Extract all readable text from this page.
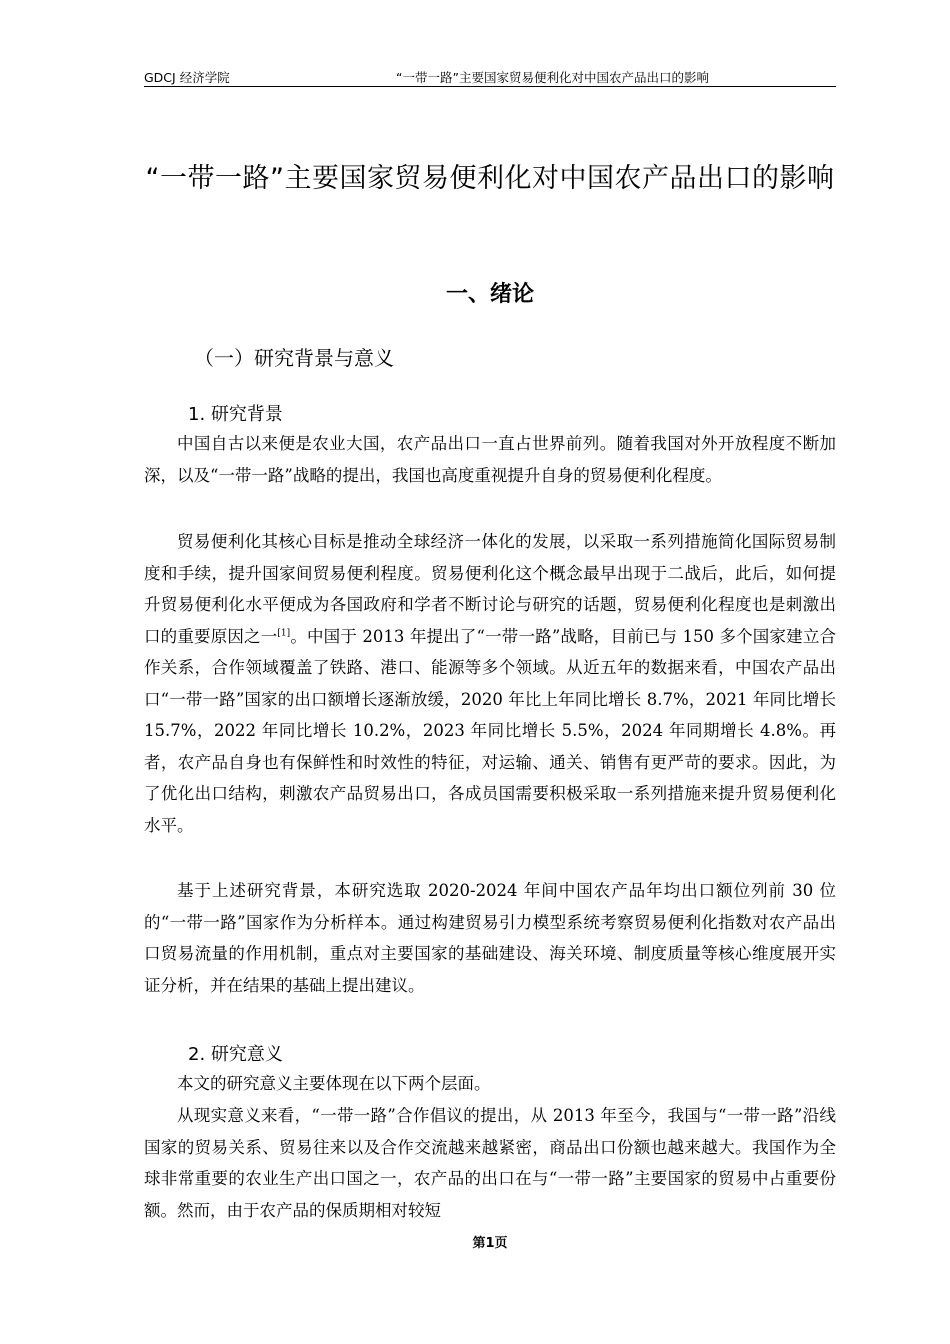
GDCJ 经济学院	“一带一路”主要国家贸易便利化对中国农产品出口的影响
“一带一路”主要国家贸易便利化对中国农产品出口的影响
一、绪论
（一）研究背景与意义
1. 研究背景
中国自古以来便是农业大国，农产品出口一直占世界前列。随着我国对外开放程度不断加深，以及“一带一路”战略的提出，我国也高度重视提升自身的贸易便利化程度。
贸易便利化其核心目标是推动全球经济一体化的发展，以采取一系列措施简化国际贸易制度和手续，提升国家间贸易便利程度。贸易便利化这个概念最早出现于二战后，此后，如何提升贸易便利化水平便成为各国政府和学者不断讨论与研究的话题，贸易便利化程度也是刺激出口的重要原因之一[1]。中国于 2013 年提出了“一带一路”战略，目前已与 150 多个国家建立合作关系，合作领域覆盖了铁路、港口、能源等多个领域。从近五年的数据来看，中国农产品出口“一带一路”国家的出口额增长逐渐放缓，2020 年比上年同比增长 8.7%，2021 年同比增长 15.7%，2022 年同比增长 10.2%，2023 年同比增长 5.5%，2024 年同期增长 4.8%。再者，农产品自身也有保鲜性和时效性的特征，对运输、通关、销售有更严苛的要求。因此，为了优化出口结构，刺激农产品贸易出口，各成员国需要积极采取一系列措施来提升贸易便利化水平。
基于上述研究背景，本研究选取 2020-2024 年间中国农产品年均出口额位列前 30 位的“一带一路”国家作为分析样本。通过构建贸易引力模型系统考察贸易便利化指数对农产品出口贸易流量的作用机制，重点对主要国家的基础建设、海关环境、制度质量等核心维度展开实证分析，并在结果的基础上提出建议。
2. 研究意义
本文的研究意义主要体现在以下两个层面。
从现实意义来看，“一带一路”合作倡议的提出，从 2013 年至今，我国与“一带一路”沿线国家的贸易关系、贸易往来以及合作交流越来越紧密，商品出口份额也越来越大。我国作为全球非常重要的农业生产出口国之一，农产品的出口在与“一带一路”主要国家的贸易中占重要份额。然而，由于农产品的保质期相对较短
第1页
